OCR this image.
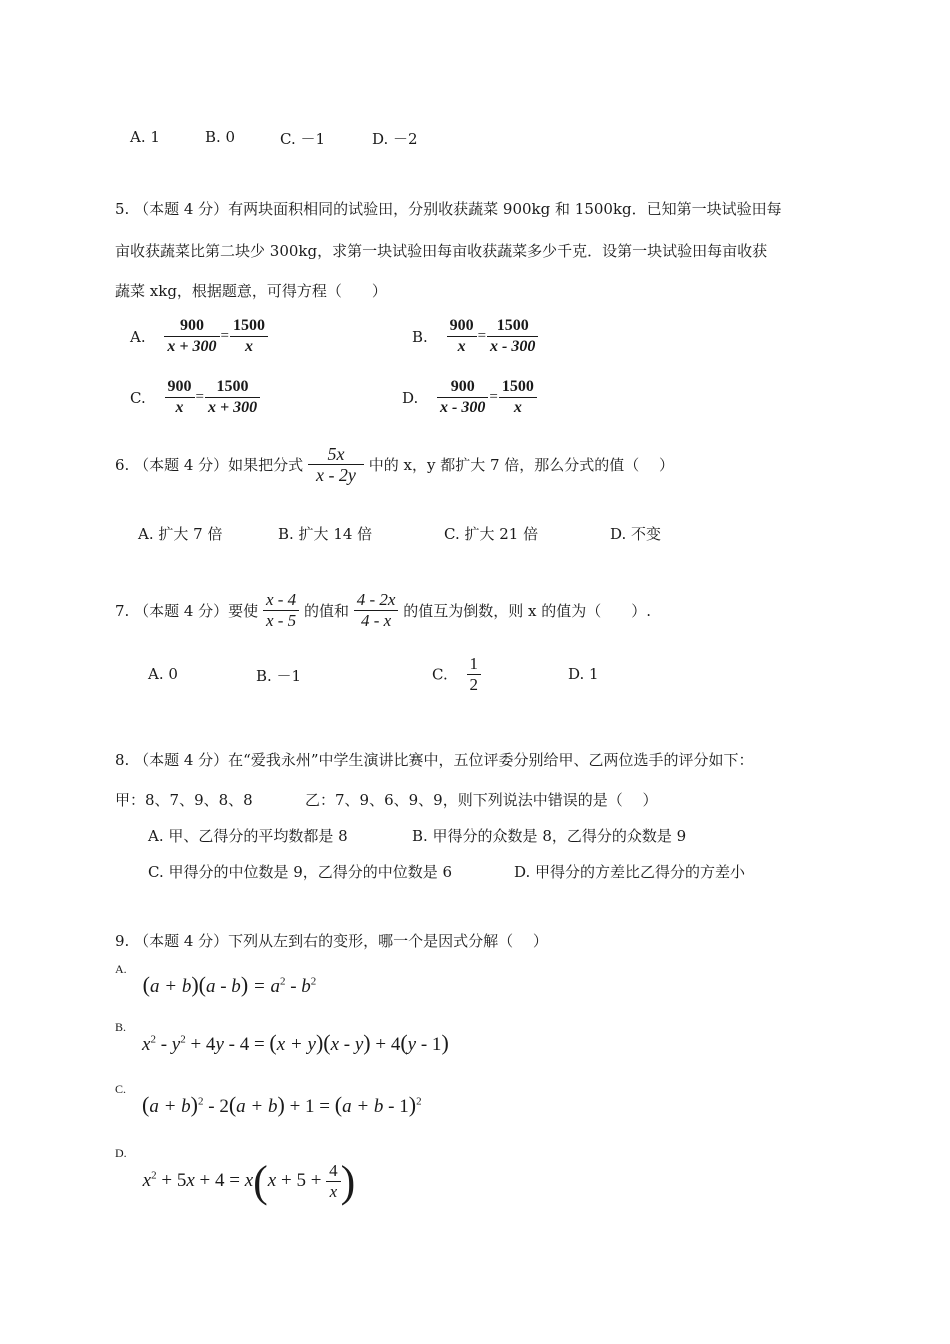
A. 1	B. 0	C. －1	D. －2
5. （本题 4 分）有两块面积相同的试验田，分别收获蔬菜 900kg 和 1500kg．已知第一块试验田每
亩收获蔬菜比第二块少 300kg，求第一块试验田每亩收获蔬菜多少千克．设第一块试验田每亩收获
蔬菜 xkg，根据题意，可得方程（　　）
A. $\frac{900}{x + 300} = \frac{1500}{x}$	B. $\frac{900}{x} = \frac{1500}{x - 300}$
C. $\frac{900}{x} = \frac{1500}{x + 300}$	D. $\frac{900}{x - 300} = \frac{1500}{x}$
6. （本题 4 分）如果把分式 $\frac{5x}{x - 2y}$ 中的 x，y 都扩大 7 倍，那么分式的值（　 ）
A. 扩大 7 倍	B. 扩大 14 倍	C. 扩大 21 倍	D. 不变
7. （本题 4 分）要使 $\frac{x - 4}{x - 5}$ 的值和 $\frac{4 - 2x}{4 - x}$ 的值互为倒数，则 x 的值为（　　）.
A. 0	B. －1	C. $\frac{1}{2}$	D. 1
8. （本题 4 分）在“爱我永州”中学生演讲比赛中，五位评委分别给甲、乙两位选手的评分如下：
甲：8、7、9、8、8	乙：7、9、6、9、9，则下列说法中错误的是（　 ）
A. 甲、乙得分的平均数都是 8	B. 甲得分的众数是 8，乙得分的众数是 9
C. 甲得分的中位数是 9，乙得分的中位数是 6	D. 甲得分的方差比乙得分的方差小
9. （本题 4 分）下列从左到右的变形，哪一个是因式分解（　 ）
$^{A.}(a + b)(a - b) = a^2 - b^2$
$^{B.}x^2 - y^2 + 4y - 4 = (x + y)(x - y) + 4(y - 1)$
$^{C.}(a + b)^2 - 2(a + b) + 1 = (a + b - 1)^2$
$^{D.}x^2 + 5x + 4 = x(x + 5 + \frac{4}{x}$ )
